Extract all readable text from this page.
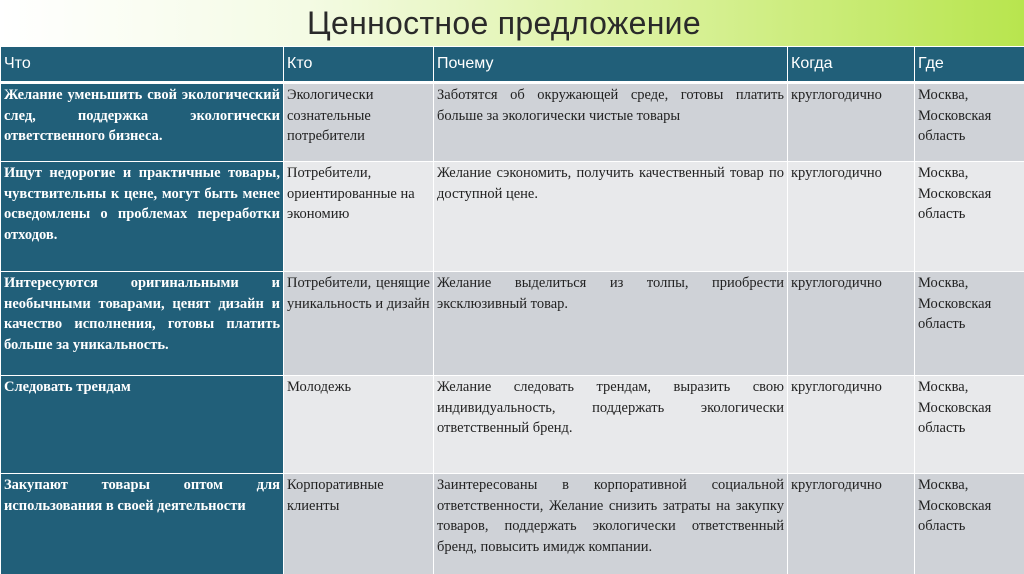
Ценностное предложение
Что	Кто	Почему	Когда	Где
Желание уменьшить свой экологический след, поддержка экологически ответственного бизнеса.	Экологически сознательные потребители	Заботятся об окружающей среде, готовы платить больше за экологически чистые товары	круглогодично	Москва, Московская область
Ищут недорогие и практичные товары, чувствительны к цене, могут быть менее осведомлены о проблемах переработки отходов.	Потребители, ориентированные на экономию	Желание сэкономить, получить качественный товар по доступной цене.	круглогодично	Москва, Московская область
Интересуются оригинальными и необычными товарами, ценят дизайн и качество исполнения, готовы платить больше за уникальность.	Потребители, ценящие уникальность и дизайн	Желание выделиться из толпы, приобрести эксклюзивный товар.	круглогодично	Москва, Московская область
Следовать трендам	Молодежь	Желание следовать трендам, выразить свою индивидуальность, поддержать экологически ответственный бренд.	круглогодично	Москва, Московская область
Закупают товары оптом для использования в своей деятельности	Корпоративные клиенты	Заинтересованы в корпоративной социальной ответственности, Желание снизить затраты на закупку товаров, поддержать экологически ответственный бренд, повысить имидж компании.	круглогодично	Москва, Московская область
